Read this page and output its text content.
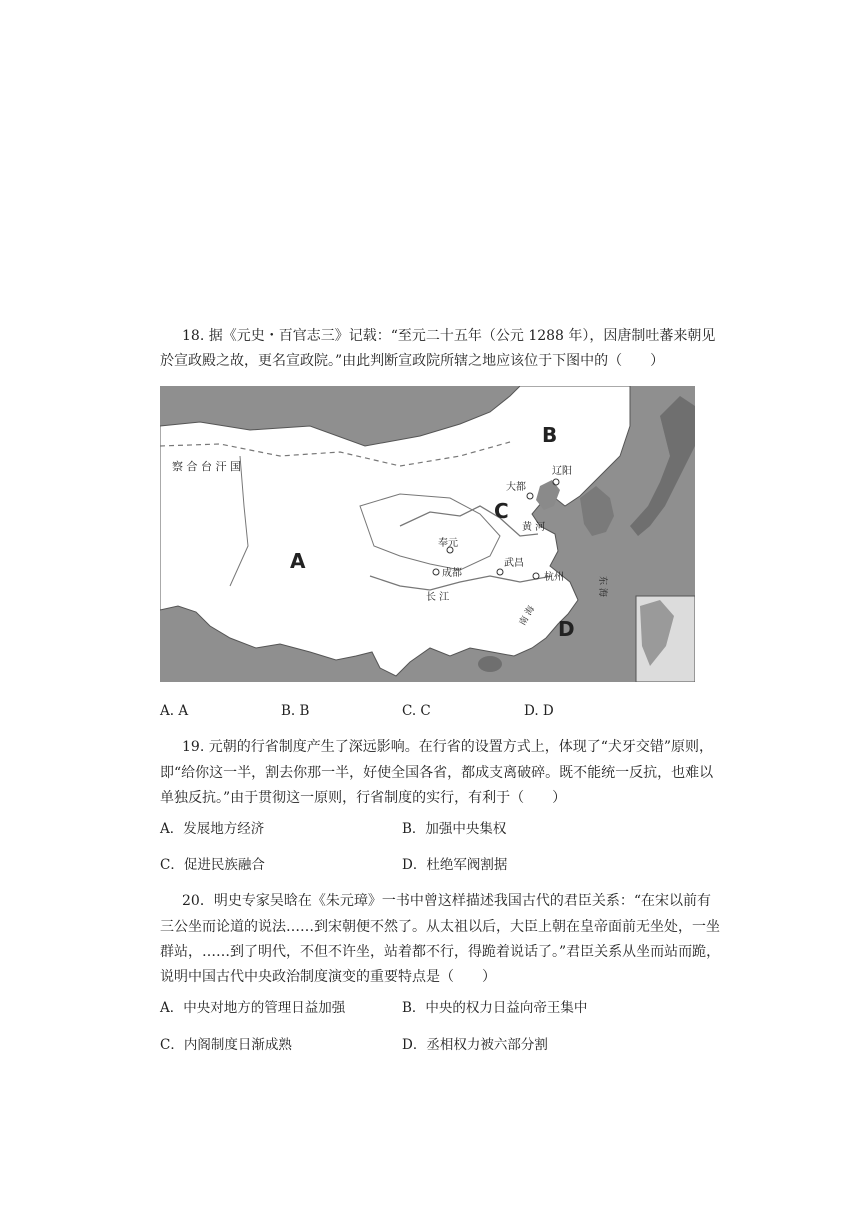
18. 据《元史・百官志三》记载：“至元二十五年（公元 1288 年），因唐制吐蕃来朝见
於宣政殿之故，更名宣政院。”由此判断宣政院所辖之地应该位于下图中的（　　）
A
B
C
D
察 合 台 汗 国
大都
辽阳
黄 河
奉元
成都
武昌
长 江
杭州	东 海
南 海
A. A	B. B	C. C	D. D
19. 元朝的行省制度产生了深远影响。在行省的设置方式上，体现了“犬牙交错”原则，
即“给你这一半，割去你那一半，好使全国各省，都成支离破碎。既不能统一反抗，也难以
单独反抗。”由于贯彻这一原则，行省制度的实行，有利于（　　）
A．发展地方经济	B．加强中央集权
C．促进民族融合	D．杜绝军阀割据
20．明史专家吴晗在《朱元璋》一书中曾这样描述我国古代的君臣关系：“在宋以前有
三公坐而论道的说法……到宋朝便不然了。从太祖以后，大臣上朝在皇帝面前无坐处，一坐
群站，……到了明代，不但不许坐，站着都不行，得跪着说话了。”君臣关系从坐而站而跪，
说明中国古代中央政治制度演变的重要特点是（　　）
A．中央对地方的管理日益加强	B．中央的权力日益向帝王集中
C．内阁制度日渐成熟	D．丞相权力被六部分割
